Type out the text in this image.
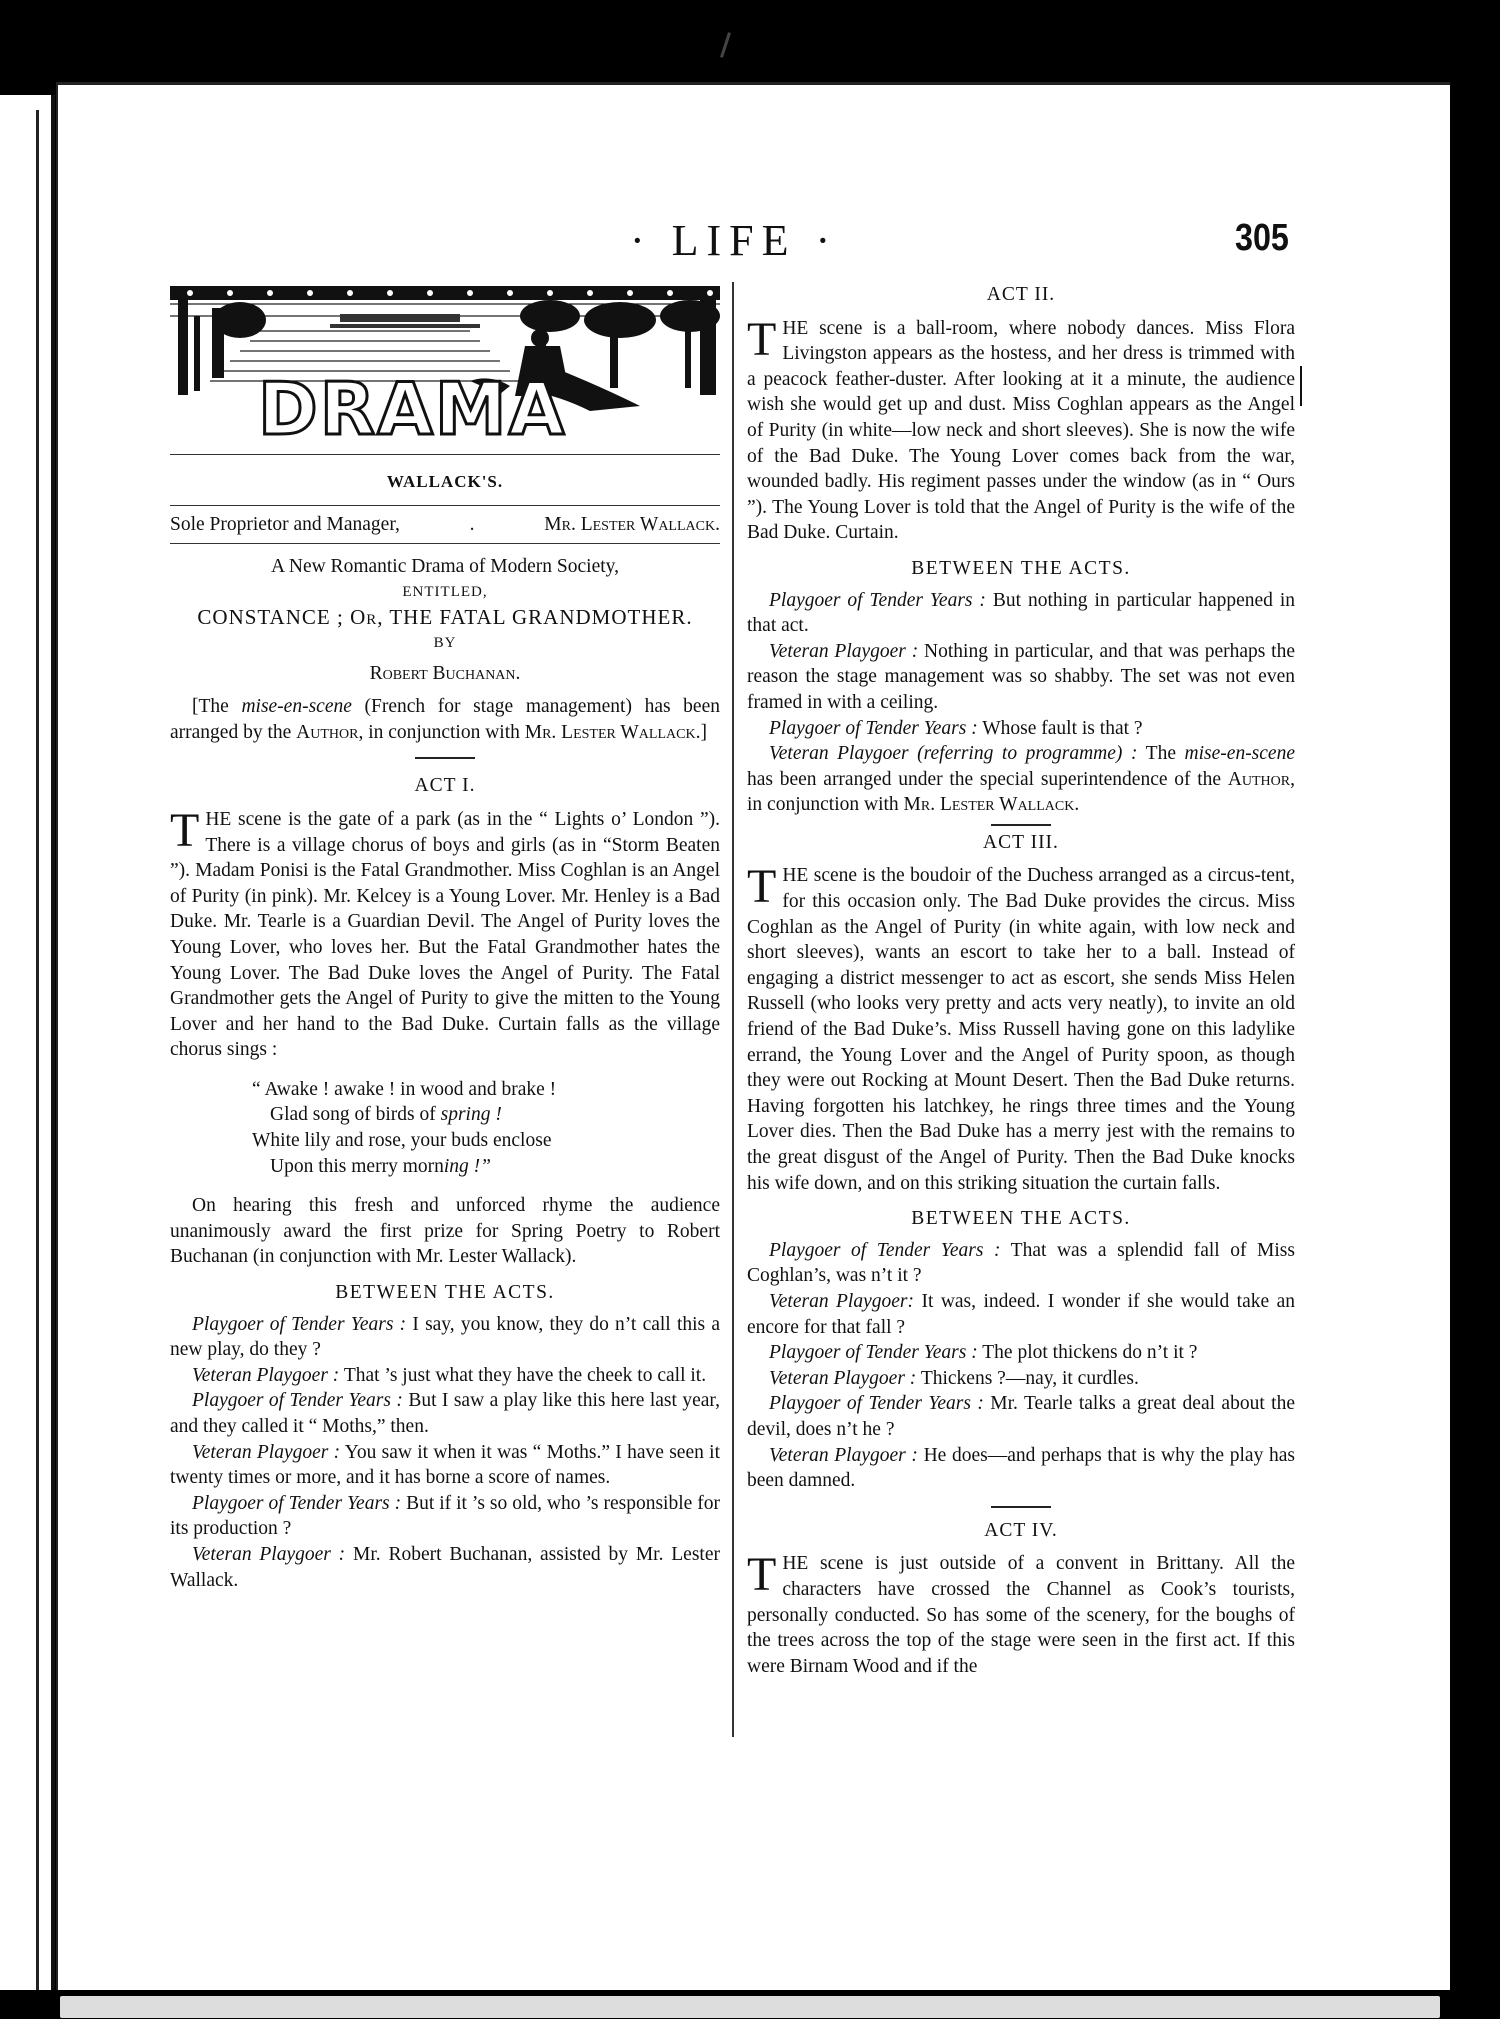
· LIFE ·	305
DRAMA
WALLACK'S.
Sole Proprietor and Manager,	.	Mr. Lester Wallack.
A New Romantic Drama of Modern Society,
ENTITLED,
CONSTANCE ; Or, THE FATAL GRANDMOTHER.
BY
Robert Buchanan.

[The mise-en-scene (French for stage management) has been arranged by the Author, in conjunction with Mr. Lester Wallack.]

ACT I.

THE scene is the gate of a park (as in the “ Lights o’ London ”). There is a village chorus of boys and girls (as in “Storm Beaten ”). Madam Ponisi is the Fatal Grandmother. Miss Coghlan is an Angel of Purity (in pink). Mr. Kelcey is a Young Lover. Mr. Henley is a Bad Duke. Mr. Tearle is a Guardian Devil. The Angel of Purity loves the Young Lover, who loves her. But the Fatal Grandmother hates the Young Lover. The Bad Duke loves the Angel of Purity. The Fatal Grandmother gets the Angel of Purity to give the mitten to the Young Lover and her hand to the Bad Duke. Curtain falls as the village chorus sings :

“ Awake ! awake ! in wood and brake !
Glad song of birds of spring !
White lily and rose, your buds enclose
Upon this merry morning !”

On hearing this fresh and unforced rhyme the audience unanimously award the first prize for Spring Poetry to Robert Buchanan (in conjunction with Mr. Lester Wallack).

BETWEEN THE ACTS.

Playgoer of Tender Years : I say, you know, they do n’t call this a new play, do they ?

Veteran Playgoer : That ’s just what they have the cheek to call it.

Playgoer of Tender Years : But I saw a play like this here last year, and they called it “ Moths,” then.

Veteran Playgoer : You saw it when it was “ Moths.” I have seen it twenty times or more, and it has borne a score of names.

Playgoer of Tender Years : But if it ’s so old, who ’s responsible for its production ?

Veteran Playgoer : Mr. Robert Buchanan, assisted by Mr. Lester Wallack.

ACT II.

THE scene is a ball-room, where nobody dances. Miss Flora Livingston appears as the hostess, and her dress is trimmed with a peacock feather-duster. After looking at it a minute, the audience wish she would get up and dust. Miss Coghlan appears as the Angel of Purity (in white—low neck and short sleeves). She is now the wife of the Bad Duke. The Young Lover comes back from the war, wounded badly. His regiment passes under the window (as in “ Ours ”). The Young Lover is told that the Angel of Purity is the wife of the Bad Duke. Curtain.

BETWEEN THE ACTS.

Playgoer of Tender Years : But nothing in particular happened in that act.

Veteran Playgoer : Nothing in particular, and that was perhaps the reason the stage management was so shabby. The set was not even framed in with a ceiling.

Playgoer of Tender Years : Whose fault is that ?

Veteran Playgoer (referring to programme) : The mise-en-scene has been arranged under the special superintendence of the Author, in conjunction with Mr. Lester Wallack.

ACT III.

THE scene is the boudoir of the Duchess arranged as a circus-tent, for this occasion only. The Bad Duke provides the circus. Miss Coghlan as the Angel of Purity (in white again, with low neck and short sleeves), wants an escort to take her to a ball. Instead of engaging a district messenger to act as escort, she sends Miss Helen Russell (who looks very pretty and acts very neatly), to invite an old friend of the Bad Duke’s. Miss Russell having gone on this ladylike errand, the Young Lover and the Angel of Purity spoon, as though they were out Rocking at Mount Desert. Then the Bad Duke returns. Having forgotten his latchkey, he rings three times and the Young Lover dies. Then the Bad Duke has a merry jest with the remains to the great disgust of the Angel of Purity. Then the Bad Duke knocks his wife down, and on this striking situation the curtain falls.

BETWEEN THE ACTS.

Playgoer of Tender Years : That was a splendid fall of Miss Coghlan’s, was n’t it ?

Veteran Playgoer: It was, indeed. I wonder if she would take an encore for that fall ?

Playgoer of Tender Years : The plot thickens do n’t it ?

Veteran Playgoer : Thickens ?—nay, it curdles.

Playgoer of Tender Years : Mr. Tearle talks a great deal about the devil, does n’t he ?

Veteran Playgoer : He does—and perhaps that is why the play has been damned.

ACT IV.

THE scene is just outside of a convent in Brittany. All the characters have crossed the Channel as Cook’s tourists, personally conducted. So has some of the scenery, for the boughs of the trees across the top of the stage were seen in the first act. If this were Birnam Wood and if the

comicbooks.com
